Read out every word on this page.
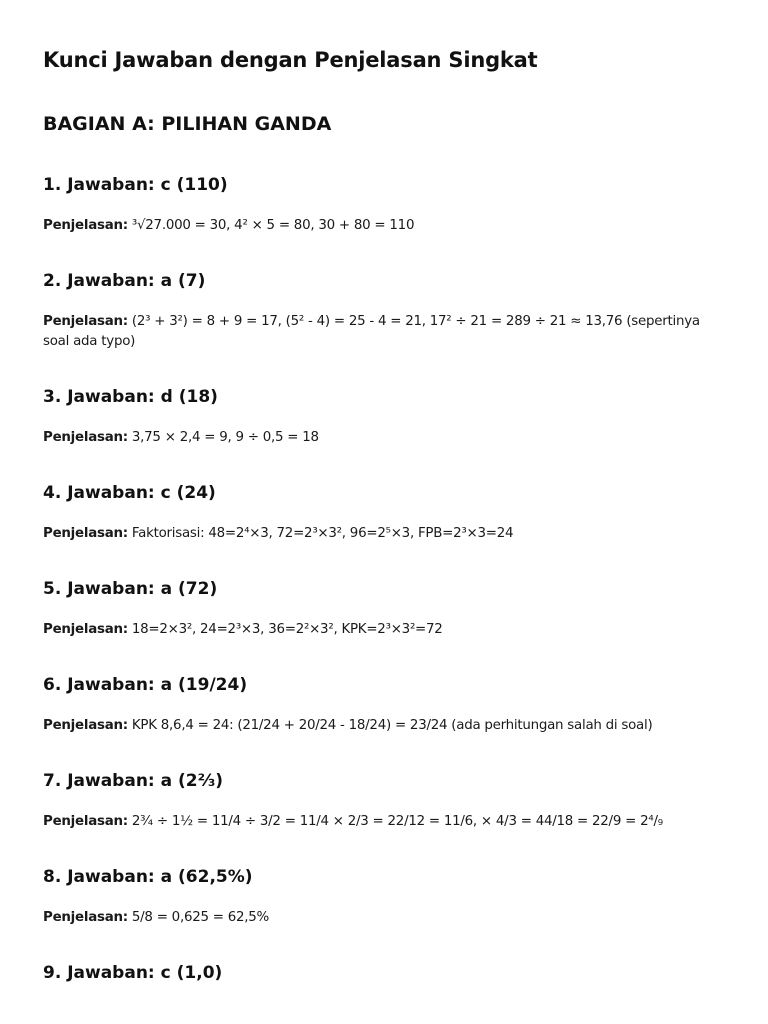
Kunci Jawaban dengan Penjelasan Singkat
BAGIAN A: PILIHAN GANDA
1. Jawaban: c (110)

Penjelasan: ³√27.000 = 30, 4² × 5 = 80, 30 + 80 = 110

2. Jawaban: a (7)

Penjelasan: (2³ + 3²) = 8 + 9 = 17, (5² - 4) = 25 - 4 = 21, 17² ÷ 21 = 289 ÷ 21 ≈ 13,76 (sepertinya soal ada typo)

3. Jawaban: d (18)

Penjelasan: 3,75 × 2,4 = 9, 9 ÷ 0,5 = 18

4. Jawaban: c (24)

Penjelasan: Faktorisasi: 48=2⁴×3, 72=2³×3², 96=2⁵×3, FPB=2³×3=24

5. Jawaban: a (72)

Penjelasan: 18=2×3², 24=2³×3, 36=2²×3², KPK=2³×3²=72

6. Jawaban: a (19/24)

Penjelasan: KPK 8,6,4 = 24: (21/24 + 20/24 - 18/24) = 23/24 (ada perhitungan salah di soal)

7. Jawaban: a (2⅔)

Penjelasan: 2¾ ÷ 1½ = 11/4 ÷ 3/2 = 11/4 × 2/3 = 22/12 = 11/6, × 4/3 = 44/18 = 22/9 = 2⁴/₉

8. Jawaban: a (62,5%)

Penjelasan: 5/8 = 0,625 = 62,5%

9. Jawaban: c (1,0)
